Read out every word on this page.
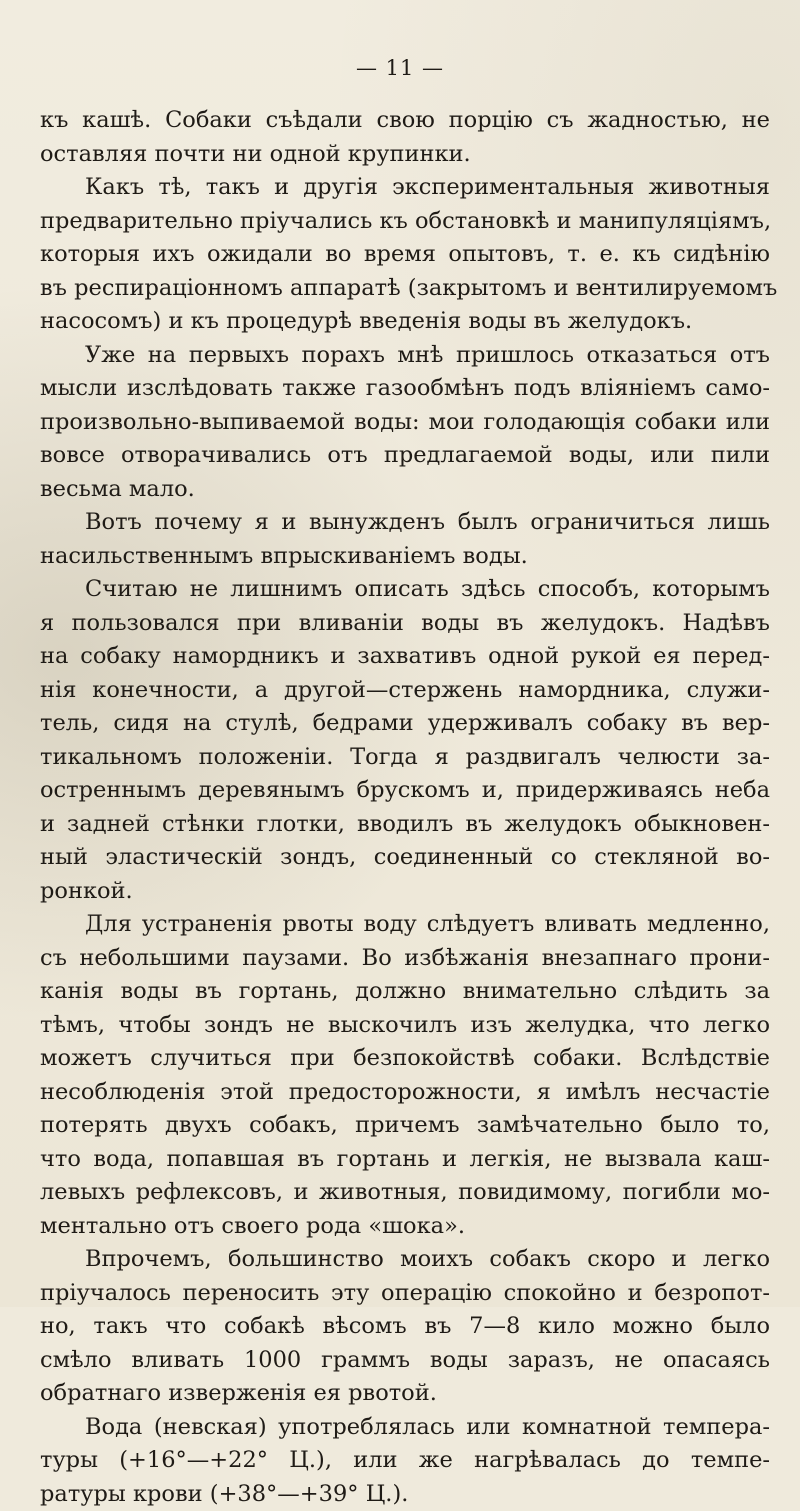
— 11 —
къ кашѣ. Собаки съѣдали свою порцію съ жадностью, не
оставляя почти ни одной крупинки.
Какъ тѣ, такъ и другія экспериментальныя животныя
предварительно пріучались къ обстановкѣ и манипуляціямъ,
которыя ихъ ожидали во время опытовъ, т. е. къ сидѣнію
въ респираціонномъ аппаратѣ (закрытомъ и вентилируемомъ
насосомъ) и къ процедурѣ введенія воды въ желудокъ.
Уже на первыхъ порахъ мнѣ пришлось отказаться отъ
мысли изслѣдовать также газообмѣнъ подъ вліяніемъ само-
произвольно-выпиваемой воды: мои голодающія собаки или
вовсе отворачивались отъ предлагаемой воды, или пили
весьма мало.
Вотъ почему я и вынужденъ былъ ограничиться лишь
насильственнымъ впрыскиваніемъ воды.
Считаю не лишнимъ описать здѣсь способъ, которымъ
я пользовался при вливаніи воды въ желудокъ. Надѣвъ
на собаку намордникъ и захвативъ одной рукой ея перед-
нія конечности, а другой—стержень намордника, служи-
тель, сидя на стулѣ, бедрами удерживалъ собаку въ вер-
тикальномъ положеніи. Тогда я раздвигалъ челюсти за-
остреннымъ деревянымъ брускомъ и, придерживаясь неба
и задней стѣнки глотки, вводилъ въ желудокъ обыкновен-
ный эластическій зондъ, соединенный со стекляной во-
ронкой.
Для устраненія рвоты воду слѣдуетъ вливать медленно,
съ небольшими паузами. Во избѣжанія внезапнаго прони-
канія воды въ гортань, должно внимательно слѣдить за
тѣмъ, чтобы зондъ не выскочилъ изъ желудка, что легко
можетъ случиться при безпокойствѣ собаки. Вслѣдствіе
несоблюденія этой предосторожности, я имѣлъ несчастіе
потерять двухъ собакъ, причемъ замѣчательно было то,
что вода, попавшая въ гортань и легкія, не вызвала каш-
левыхъ рефлексовъ, и животныя, повидимому, погибли мо-
ментально отъ своего рода «шока».
Впрочемъ, большинство моихъ собакъ скоро и легко
пріучалось переносить эту операцію спокойно и безропот-
но, такъ что собакѣ вѣсомъ въ 7—8 кило можно было
смѣло вливать 1000 граммъ воды заразъ, не опасаясь
обратнаго изверженія ея рвотой.
Вода (невская) употреблялась или комнатной темпера-
туры (+16°—+22° Ц.), или же нагрѣвалась до темпе-
ратуры крови (+38°—+39° Ц.).
